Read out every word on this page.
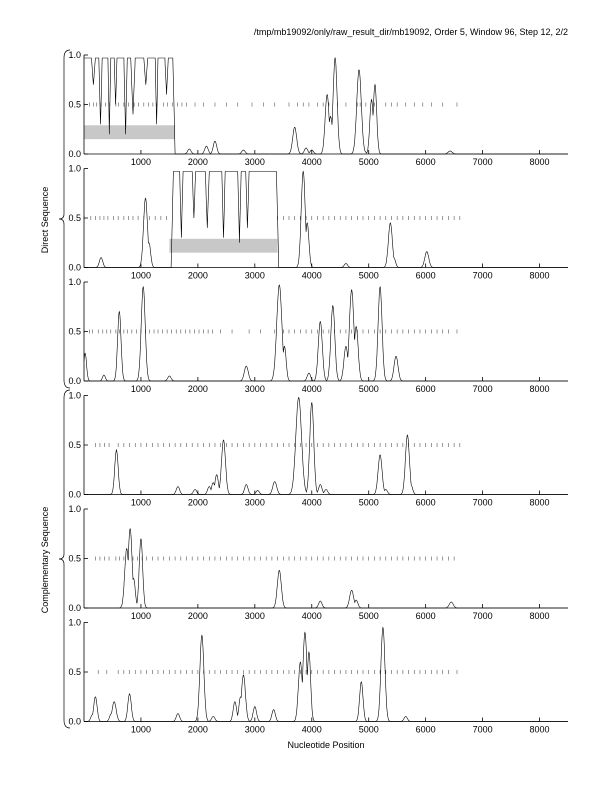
/tmp/mb19092/only/raw_result_dir/mb19092, Order 5, Window 96, Step 12, 2/2
0.0
0.5
1.0
1000	2000	3000	4000	5000	6000	7000	8000
0.0
0.5
1.0
1000	2000	3000	4000	5000	6000	7000	8000
0.0
0.5
1.0
1000	2000	3000	4000	5000	6000	7000	8000
0.0
0.5
1.0
1000	2000	3000	4000	5000	6000	7000	8000
0.0
0.5
1.0
1000	2000	3000	4000	5000	6000	7000	8000
0.0
0.5
1.0
1000	2000	3000	4000	5000	6000	7000	8000
Direct Sequence
Complementary Sequence
Nucleotide Position
